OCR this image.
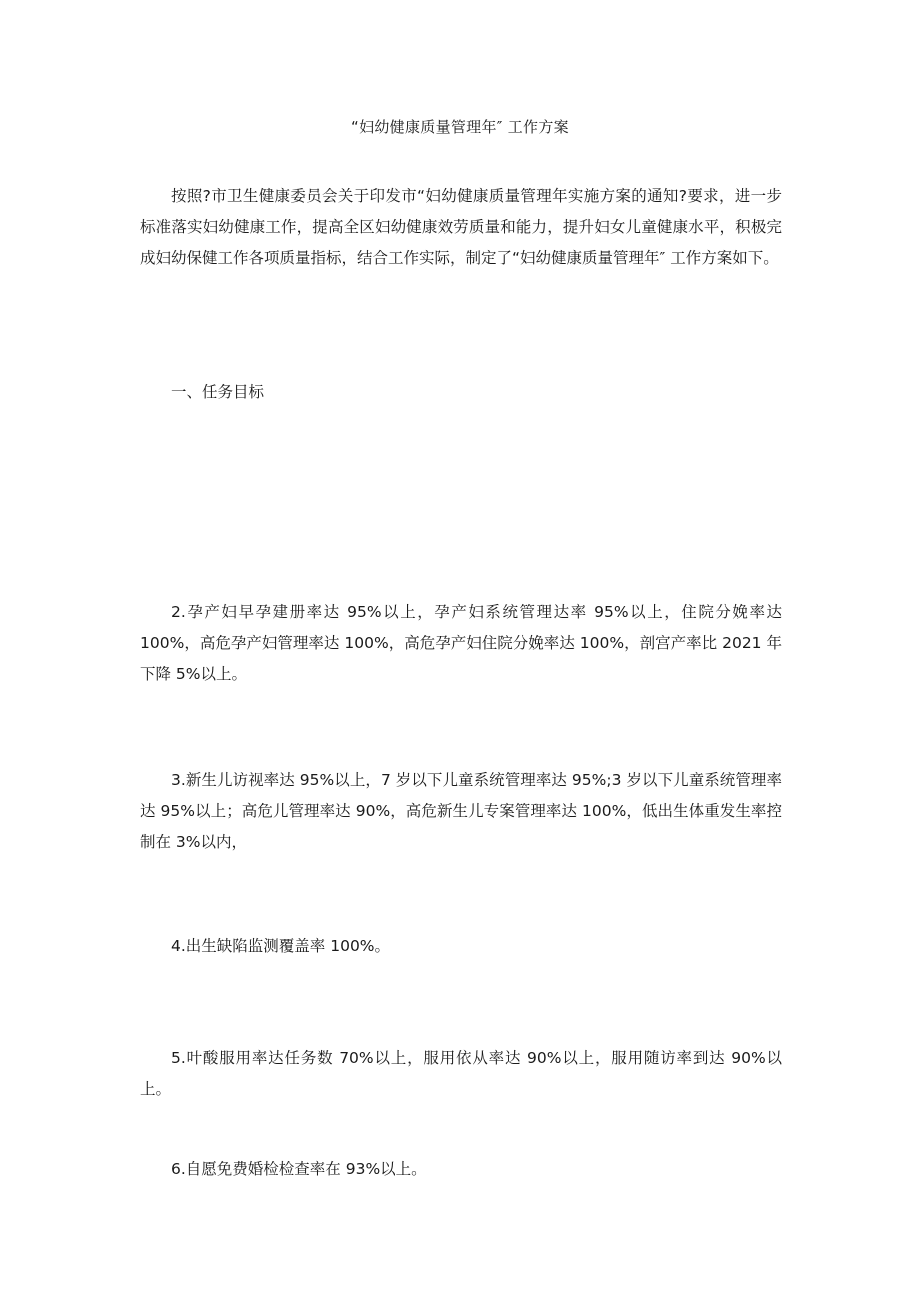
“妇幼健康质量管理年″ 工作方案

按照?市卫生健康委员会关于印发市“妇幼健康质量管理年实施方案的通知?要求，进一步标准落实妇幼健康工作，提高全区妇幼健康效劳质量和能力，提升妇女儿童健康水平，积极完成妇幼保健工作各项质量指标，结合工作实际，制定了“妇幼健康质量管理年″ 工作方案如下。

一、任务目标

2.孕产妇早孕建册率达 95%以上，孕产妇系统管理达率 95%以上，住院分娩率达 100%，高危孕产妇管理率达 100%，高危孕产妇住院分娩率达 100%，剖宫产率比 2021 年下降 5%以上。

3.新生儿访视率达 95%以上，7 岁以下儿童系统管理率达 95%;3 岁以下儿童系统管理率达 95%以上；高危儿管理率达 90%，高危新生儿专案管理率达 100%，低出生体重发生率控制在 3%以内，

4.出生缺陷监测覆盖率 100%。

5.叶酸服用率达任务数 70%以上，服用依从率达 90%以上，服用随访率到达 90%以上。

6.自愿免费婚检检查率在 93%以上。
